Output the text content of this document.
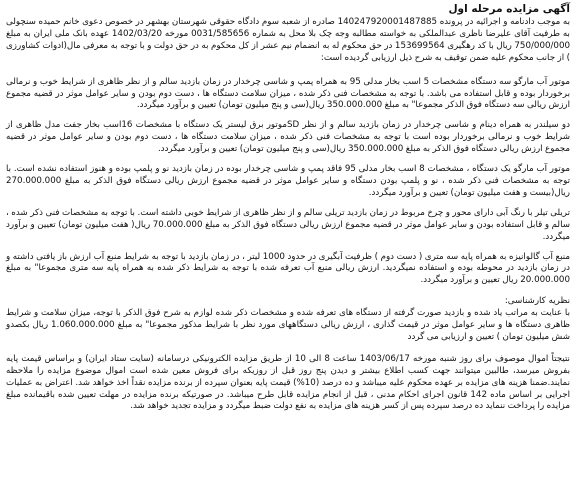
آگهی مزایده مرحله اول

به موجب دادنامه و اجرائیه در پرونده 140247920001487885 صادره از شعبه سوم دادگاه حقوقی شهرستان بهشهر در خصوص دعوی خانم حمیده سنچولی به طرفیت آقای علیرضا ناظری عبدالملکی به خواسته مطالبه وجه چک بلا محل به شماره 0031/585656 مورخه 1402/03/20 عهده بانک ملی ایران به مبلغ 750/000/000 ریال با کد رهگیری 153699564 در حق محکوم له به انضمام نیم عشر از کل محکوم به در حق دولت و با توجه به معرفی مال(ادوات کشاورزی ) از جانب محکوم علیه ضمن توقیف به شرح ذیل ارزیابی گردیده است:

موتور آب مارگو سه دستگاه مشخصات 5 اسب بخار مدلی 95 به همراه پمپ و شاسی چرخدار در زمان بازدید سالم و از نظر ظاهری از شرایط خوب و نرمالی برخوردار بوده و قابل استفاده می باشد. با توجه به مشخصات فنی ذکر شده ، میزان سلامت دستگاه ها ، دست دوم بودن و سایر عوامل موثر در قضیه مجموع ارزش ریالی سه دستگاه فوق الذکر مجموعا" به مبلغ 350.000.000 ریال(سی و پنج میلیون تومان) تعیین و برآورد میگردد.

دو سیلندر به همراه دینام و شاسی چرخدار در زمان بازدید سالم و از نظر SDموتور برق لیستر یک دستگاه با مشخصات 16اسب بخار جفت مدل ظاهری از شرایط خوب و نرمالی برخوردار بوده است با توجه به مشخصات فنی ذکر شده ، میزان سلامت دستگاه ها ، دست دوم بودن و سایر عوامل موثر در قضیه مجموع ارزش ریالی دستگاه فوق الذکر به مبلغ 350.000.000 ریال(سی و پنج میلیون تومان) تعیین و برآورد میگردد.

موتور آب مارگو یک دستگاه ، مشخصات 8 اسب بخار مدلی 95 فاقد پمپ و شاسی چرخدار بوده در زمان بازدید نو و پلمپ بوده و هنوز استفاده نشده است. با توجه به مشخصات فنی ذکر شده ، نو و پلمپ بودن دستگاه و سایر عوامل موثر در قضیه مجموع ارزش ریالی دستگاه فوق الذکر به مبلغ 270.000.000 ریال(بیست و هفت میلیون تومان) تعیین و برآورد میگردد.

تریلی تیلر با رنگ آبی دارای محور و چرخ مربوط در زمان بازدید تریلی سالم و از نظر ظاهری از شرایط خوبی داشته است. با توجه به مشخصات فنی ذکر شده ، سالم و قابل استفاده بودن و سایر عوامل موثر در قضیه مجموع ارزش ریالی دستگاه فوق الذکر به مبلغ 70.000.000 ریال( هفت میلیون تومان) تعیین و برآورد میگردد.

منبع آب گالوانیزه به همراه پایه سه متری ( دست دوم ) ظرفیت آبگیری در حدود 1000 لیتر ، در زمان بازدید با توجه به شرایط منبع آب ارزش باز یافتی داشته و در زمان بازدید در محوطه بوده و استفاده نمیگردید. ارزش ریالی منبع آب تعرفه شده با توجه به شرایط ذکر شده به همراه پایه سه متری مجموعا" به مبلغ 20.000.000 ریال تعیین و برآورد میگردد.

نظریه کارشناسی:

با عنایت به مراتب یاد شده و بازدید صورت گرفته از دستگاه های تعرفه شده و مشخصات ذکر شده لوازم به شرح فوق الذکر با توجه، میزان سلامت و شرایط ظاهری دستگاه ها و سایر عوامل موثر در قیمت گذاری ، ارزش ریالی دستگاههای مورد نظر با شرایط مذکور مجموعا" به مبلغ 1.060.000.000 ریال بکصدو شش میلیون تومان ) تعیین و ارزیابی می گردد

نتیجتاً اموال موصوف برای روز شنبه مورخه 1403/06/17 ساعت 8 الی 10 از طریق مزایده الکترونیکی درسامانه (سایت ستاد ایران) و براساس قیمت پایه بفروش میرسد، طالبین میتوانند جهت کسب اطلاع بیشتر و دیدن پنج روز قبل از روزیکه برای فروش معین شده است اموال موضوع مزایده را ملاحظه نمایند.ضمنا هزینه های مزایده بر عهده محکوم علیه میباشد و ده درصد (10%) قیمت پایه بعنوان سپرده از برنده مزایده نقداً اخذ خواهد شد. اعتراض به عملیات اجرایی بر اساس ماده 142 قانون اجرای احکام مدنی ، قبل از انجام مزایده قابل طرح میباشد. در صورتیکه برنده مزایده در مهلت تعیین شده باقیمانده مبلغ مزایده را پرداخت ننماید ده درصد سپرده پس از کسر هزینه های مزایده به نفع دولت ضبط میگردد و مزایده تجدید خواهد شد.
